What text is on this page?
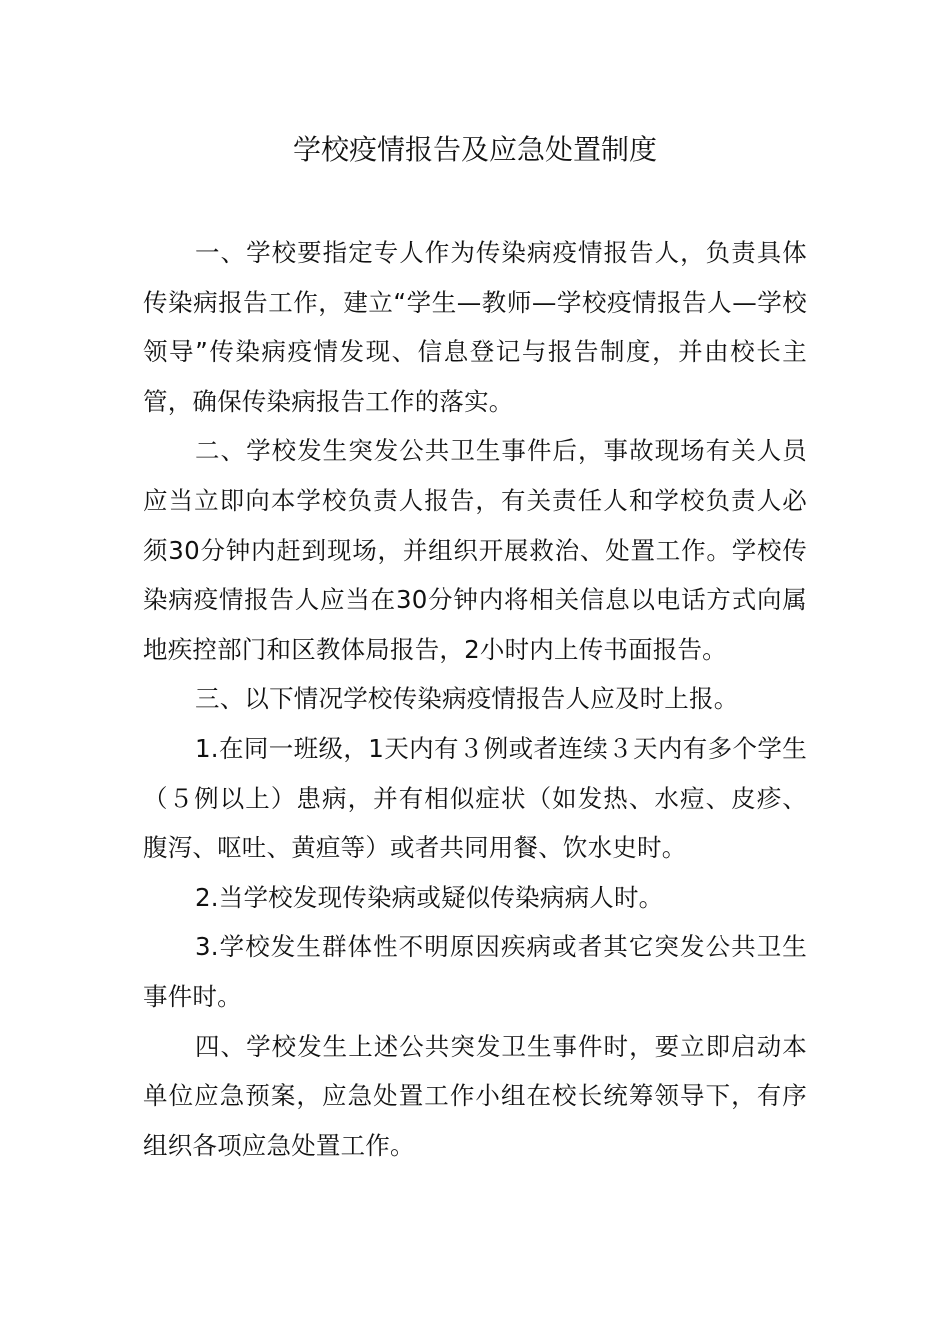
学校疫情报告及应急处置制度

一、学校要指定专人作为传染病疫情报告人，负责具体传染病报告工作，建立“学生—教师—学校疫情报告人—学校领导”传染病疫情发现、信息登记与报告制度，并由校长主管，确保传染病报告工作的落实。

二、学校发生突发公共卫生事件后，事故现场有关人员应当立即向本学校负责人报告，有关责任人和学校负责人必须30分钟内赶到现场，并组织开展救治、处置工作。学校传染病疫情报告人应当在30分钟内将相关信息以电话方式向属地疾控部门和区教体局报告，2小时内上传书面报告。

三、以下情况学校传染病疫情报告人应及时上报。

1.在同一班级，1天内有３例或者连续３天内有多个学生（５例以上）患病，并有相似症状（如发热、水痘、皮疹、腹泻、呕吐、黄疸等）或者共同用餐、饮水史时。

2.当学校发现传染病或疑似传染病病人时。

3.学校发生群体性不明原因疾病或者其它突发公共卫生事件时。

四、学校发生上述公共突发卫生事件时，要立即启动本单位应急预案，应急处置工作小组在校长统筹领导下，有序组织各项应急处置工作。
